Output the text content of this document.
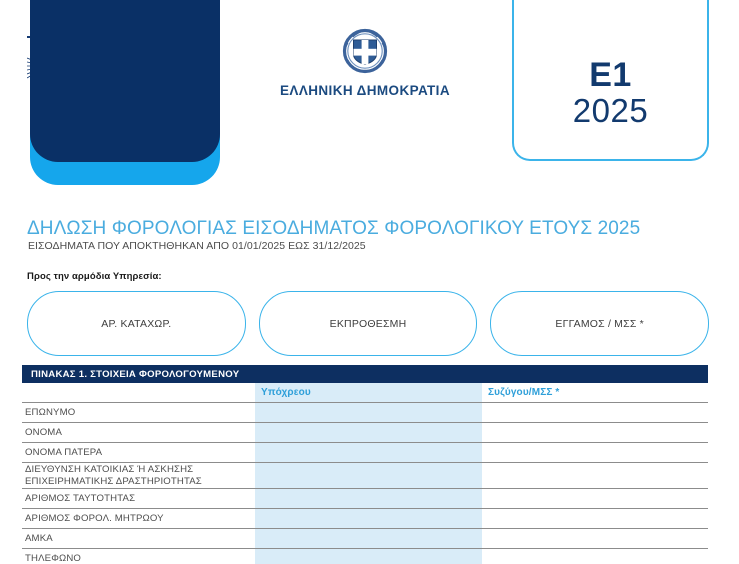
ΕΛΛΗΝΙΚΗ ΔΗΜΟΚΡΑΤΙΑ	E1
2025
ΔΗΛΩΣΗ ΦΟΡΟΛΟΓΙΑΣ ΕΙΣΟΔΗΜΑΤΟΣ ΦΟΡΟΛΟΓΙΚΟΥ ΕΤΟΥΣ 2025
ΕΙΣΟΔΗΜΑΤΑ ΠΟΥ ΑΠΟΚΤΗΘΗΚΑΝ ΑΠΟ 01/01/2025 ΕΩΣ 31/12/2025
Προς την αρμόδια Υπηρεσία:
ΑΡ. ΚΑΤΑΧΩΡ.	ΕΚΠΡΟΘΕΣΜΗ	ΕΓΓΑΜΟΣ / ΜΣΣ *
ΠΙΝΑΚΑΣ 1. ΣΤΟΙΧΕΙΑ ΦΟΡΟΛΟΓΟΥΜΕΝΟΥ
Υπόχρεου	Συζύγου/ΜΣΣ *
ΕΠΩΝΥΜΟ
ΟΝΟΜΑ
ΟΝΟΜΑ ΠΑΤΕΡΑ
ΔΙΕΥΘΥΝΣΗ ΚΑΤΟΙΚΙΑΣ Ή ΑΣΚΗΣΗΣ
ΕΠΙΧΕΙΡΗΜΑΤΙΚΗΣ ΔΡΑΣΤΗΡΙΟΤΗΤΑΣ
ΑΡΙΘΜΟΣ ΤΑΥΤΟΤΗΤΑΣ
ΑΡΙΘΜΟΣ ΦΟΡΟΛ. ΜΗΤΡΩΟΥ
ΑΜΚΑ
ΤΗΛΕΦΩΝΟ
